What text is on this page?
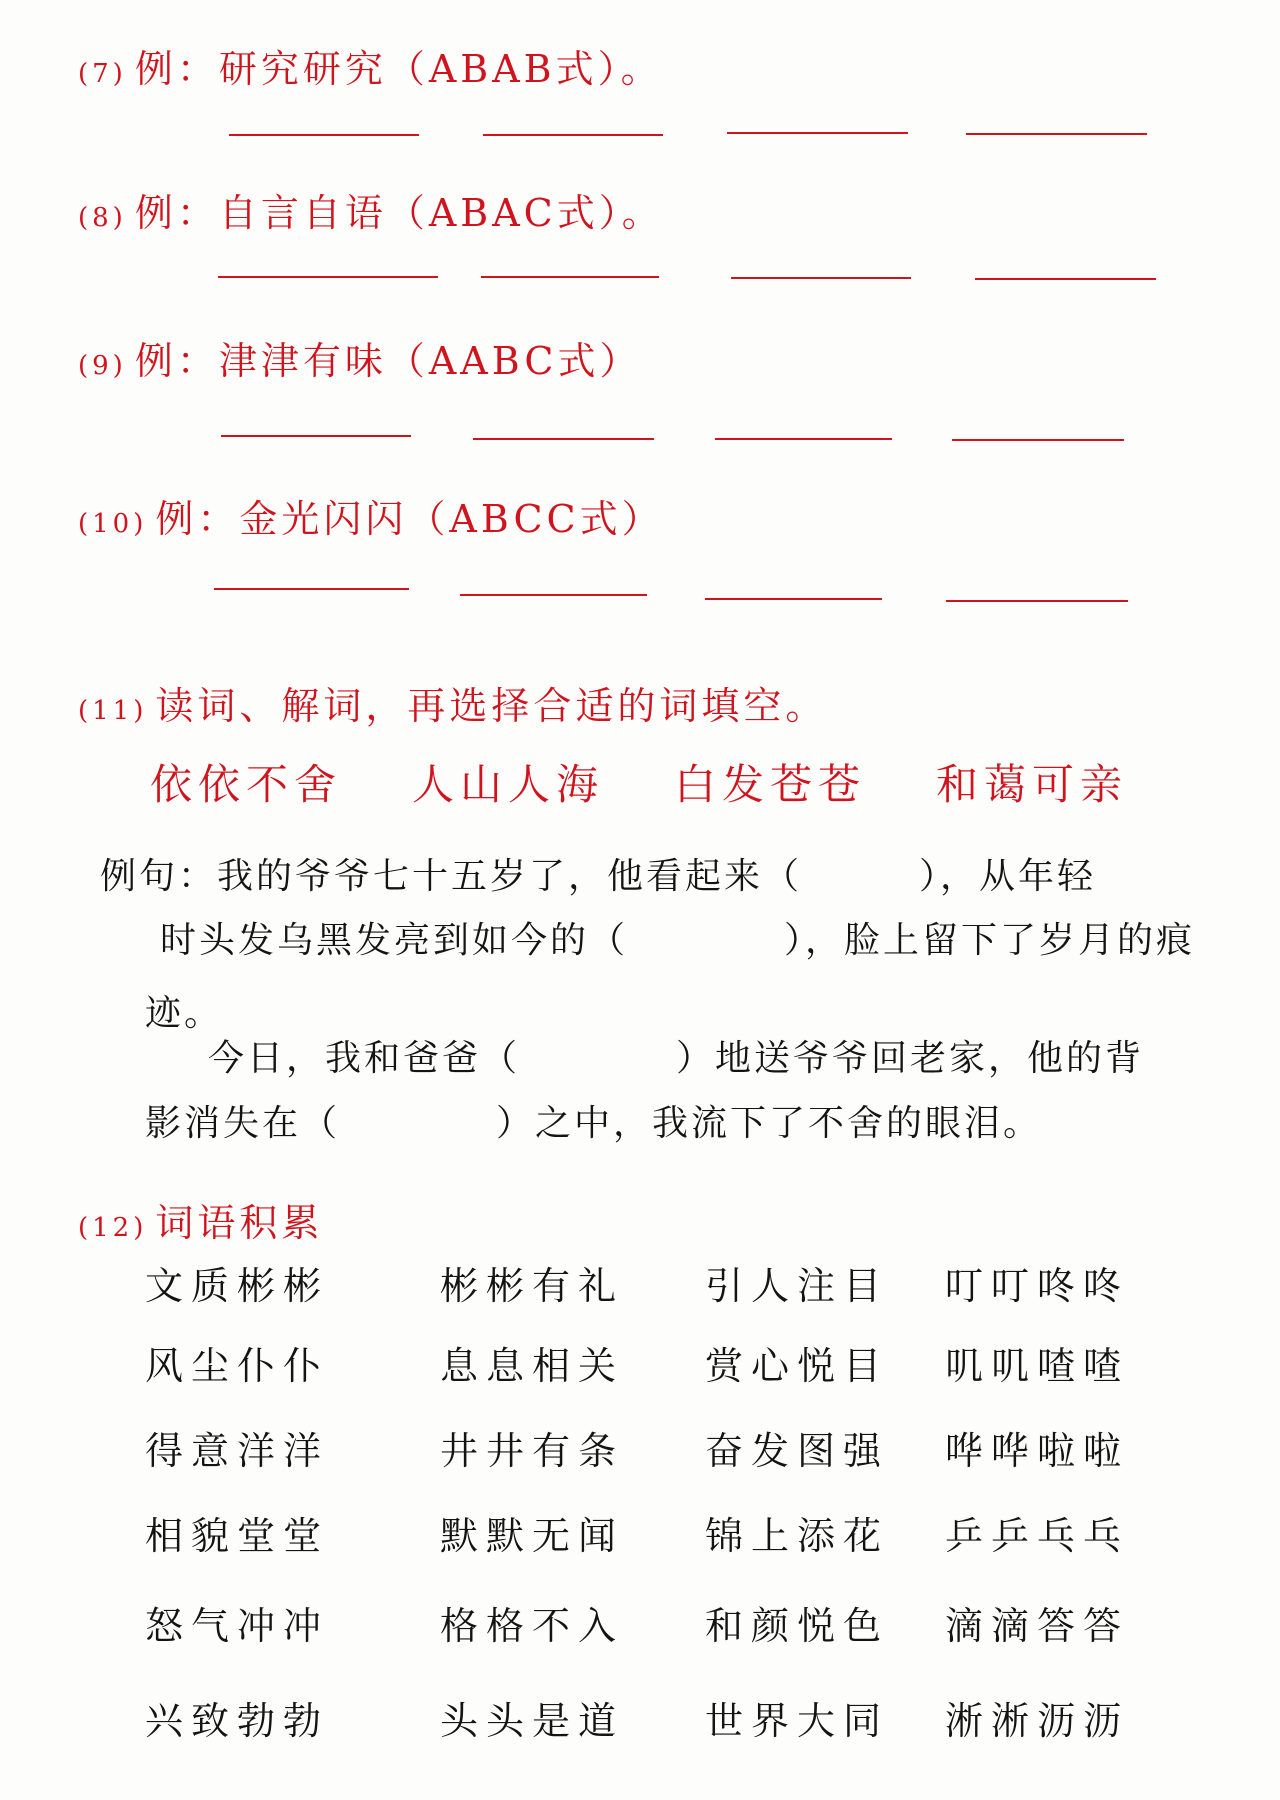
(7) 例：研究研究（ABAB式）。
(8) 例：自言自语（ABAC式）。
(9) 例：津津有味（AABC式）
(10) 例：金光闪闪（ABCC式）
(11) 读词、解词，再选择合适的词填空。
依依不舍 人山人海 白发苍苍 和蔼可亲
例句：我的爷爷七十五岁了，他看起来（　　　），从年轻
时头发乌黑发亮到如今的（　　　　），脸上留下了岁月的痕
迹。
今日，我和爸爸（　　　　）地送爷爷回老家，他的背
影消失在（　　　　）之中，我流下了不舍的眼泪。
(12) 词语积累
文质彬彬	彬彬有礼 引人注目 叮叮咚咚
风尘仆仆	息息相关 赏心悦目 叽叽喳喳
得意洋洋	井井有条 奋发图强 哗哗啦啦
相貌堂堂	默默无闻 锦上添花 乒乒乓乓
怒气冲冲	格格不入 和颜悦色 滴滴答答
兴致勃勃	头头是道 世界大同 淅淅沥沥
